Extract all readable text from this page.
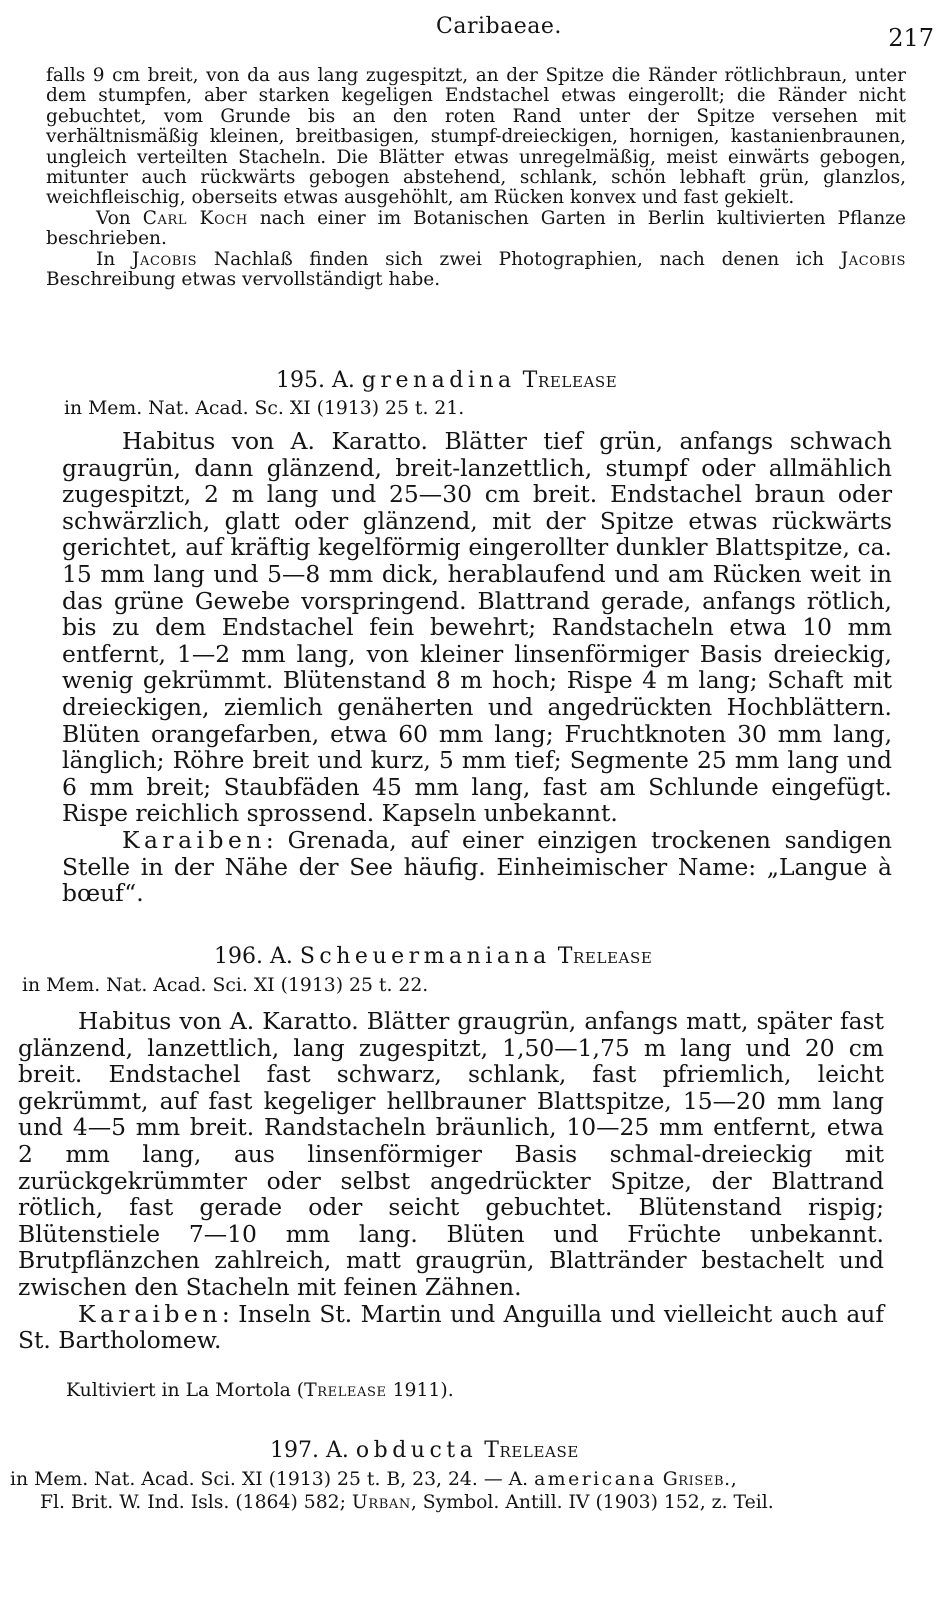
Caribaeae.	217

falls 9 cm breit, von da aus lang zugespitzt, an der Spitze die Ränder rötlichbraun, unter dem stumpfen, aber starken kegeligen Endstachel etwas eingerollt; die Ränder nicht gebuchtet, vom Grunde bis an den roten Rand unter der Spitze versehen mit verhältnismäßig kleinen, breitbasigen, stumpf-dreieckigen, hornigen, kastanienbraunen, ungleich verteilten Stacheln. Die Blätter etwas unregelmäßig, meist einwärts gebogen, mitunter auch rückwärts gebogen abstehend, schlank, schön lebhaft grün, glanzlos, weichfleischig, oberseits etwas ausgehöhlt, am Rücken konvex und fast gekielt.

Von Carl Koch nach einer im Botanischen Garten in Berlin kultivierten Pflanze beschrieben.

In Jacobis Nachlaß finden sich zwei Photographien, nach denen ich Jacobis Beschreibung etwas vervollständigt habe.

195. A. grenadina Trelease
in Mem. Nat. Acad. Sc. XI (1913) 25 t. 21.

Habitus von A. Karatto. Blätter tief grün, anfangs schwach graugrün, dann glänzend, breit-lanzettlich, stumpf oder allmählich zugespitzt, 2 m lang und 25—30 cm breit. Endstachel braun oder schwärzlich, glatt oder glänzend, mit der Spitze etwas rückwärts gerichtet, auf kräftig kegelförmig eingerollter dunkler Blattspitze, ca. 15 mm lang und 5—8 mm dick, herablaufend und am Rücken weit in das grüne Gewebe vorspringend. Blattrand gerade, anfangs rötlich, bis zu dem Endstachel fein bewehrt; Randstacheln etwa 10 mm entfernt, 1—2 mm lang, von kleiner linsenförmiger Basis dreieckig, wenig gekrümmt. Blütenstand 8 m hoch; Rispe 4 m lang; Schaft mit dreieckigen, ziemlich genäherten und angedrückten Hochblättern. Blüten orangefarben, etwa 60 mm lang; Fruchtknoten 30 mm lang, länglich; Röhre breit und kurz, 5 mm tief; Segmente 25 mm lang und 6 mm breit; Staubfäden 45 mm lang, fast am Schlunde eingefügt. Rispe reichlich sprossend. Kapseln unbekannt.

Karaiben: Grenada, auf einer einzigen trockenen sandigen Stelle in der Nähe der See häufig. Einheimischer Name: „Langue à bœuf“.

196. A. Scheuermaniana Trelease
in Mem. Nat. Acad. Sci. XI (1913) 25 t. 22.

Habitus von A. Karatto. Blätter graugrün, anfangs matt, später fast glänzend, lanzettlich, lang zugespitzt, 1,50—1,75 m lang und 20 cm breit. Endstachel fast schwarz, schlank, fast pfriemlich, leicht gekrümmt, auf fast kegeliger hellbrauner Blattspitze, 15—20 mm lang und 4—5 mm breit. Randstacheln bräunlich, 10—25 mm entfernt, etwa 2 mm lang, aus linsenförmiger Basis schmal-dreieckig mit zurückgekrümmter oder selbst angedrückter Spitze, der Blattrand rötlich, fast gerade oder seicht gebuchtet. Blütenstand rispig; Blütenstiele 7—10 mm lang. Blüten und Früchte unbekannt. Brutpflänzchen zahlreich, matt graugrün, Blattränder bestachelt und zwischen den Stacheln mit feinen Zähnen.

Karaiben: Inseln St. Martin und Anguilla und vielleicht auch auf St. Bartholomew.

Kultiviert in La Mortola (Trelease 1911).
197. A. obducta Trelease
in Mem. Nat. Acad. Sci. XI (1913) 25 t. B, 23, 24. — A. americana Griseb.,
Fl. Brit. W. Ind. Isls. (1864) 582; Urban, Symbol. Antill. IV (1903) 152, z. Teil.
